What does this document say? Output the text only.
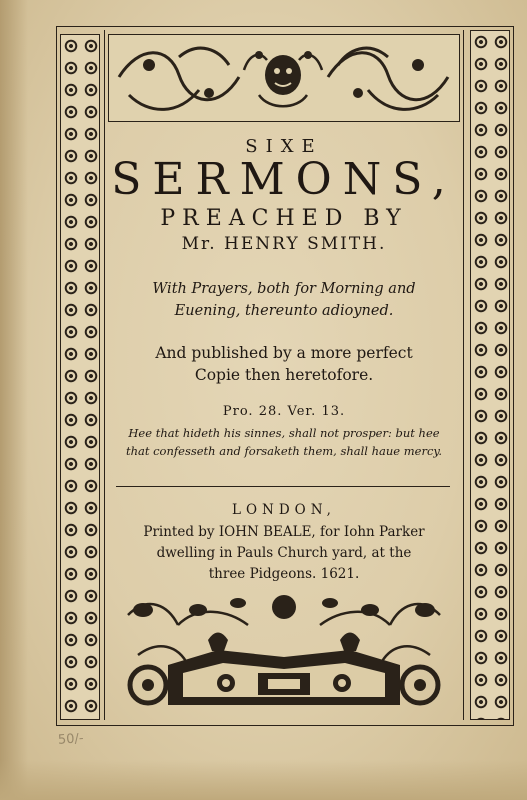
SIXE
SERMONS,
PREACHED BY
Mr. HENRY SMITH.
With Prayers, both for Morning and
Euening, thereunto adioyned.
And published by a more perfect
Copie then heretofore.
Pro. 28. Ver. 13.
Hee that hideth his sinnes, shall not prosper: but hee
that confesseth and forsaketh them, shall haue mercy.
LONDON,
Printed by IOHN BEALE, for Iohn Parker
dwelling in Pauls Church yard, at the
three Pidgeons. 1621.
50/-
